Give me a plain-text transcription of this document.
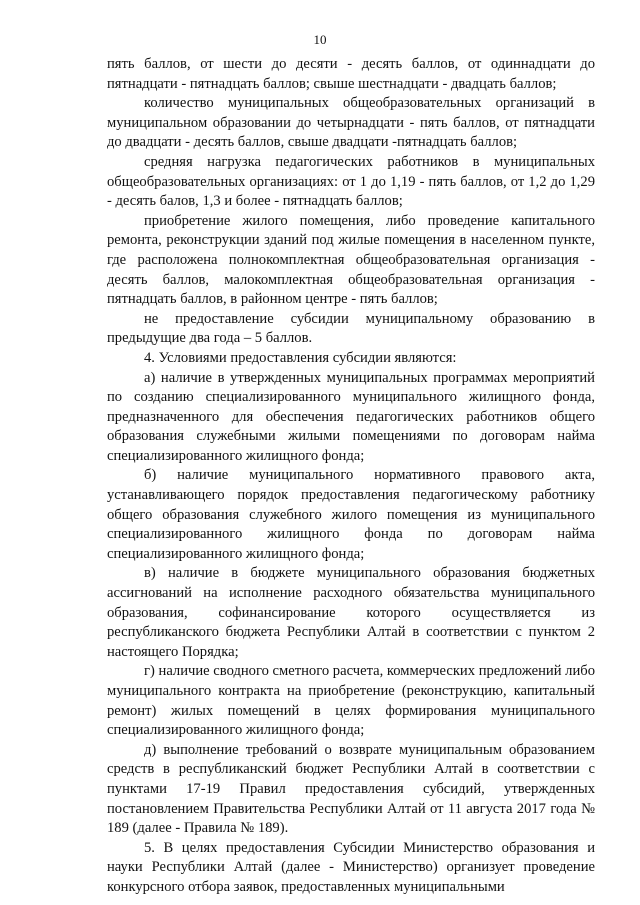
10

пять баллов, от шести до десяти - десять баллов, от одиннадцати до пятнадцати - пятнадцать баллов; свыше шестнадцати - двадцать баллов;

количество муниципальных общеобразовательных организаций в муниципальном образовании до четырнадцати - пять баллов, от пятнадцати до двадцати - десять баллов, свыше двадцати -пятнадцать баллов;

средняя нагрузка педагогических работников в муниципальных общеобразовательных организациях: от 1 до 1,19 - пять баллов, от 1,2 до 1,29 - десять балов, 1,3 и более - пятнадцать баллов;

приобретение жилого помещения, либо проведение капитального ремонта, реконструкции зданий под жилые помещения в населенном пункте, где расположена полнокомплектная общеобразовательная организация - десять баллов, малокомплектная общеобразовательная организация - пятнадцать баллов, в районном центре - пять баллов;

не предоставление субсидии муниципальному образованию в предыдущие два года – 5 баллов.

4. Условиями предоставления субсидии являются:

а) наличие в утвержденных муниципальных программах мероприятий по созданию специализированного муниципального жилищного фонда, предназначенного для обеспечения педагогических работников общего образования служебными жилыми помещениями по договорам найма специализированного жилищного фонда;

б) наличие муниципального нормативного правового акта, устанавливающего порядок предоставления педагогическому работнику общего образования служебного жилого помещения из муниципального специализированного жилищного фонда по договорам найма специализированного жилищного фонда;

в) наличие в бюджете муниципального образования бюджетных ассигнований на исполнение расходного обязательства муниципального образования, софинансирование которого осуществляется из республиканского бюджета Республики Алтай в соответствии с пунктом 2 настоящего Порядка;

г) наличие сводного сметного расчета, коммерческих предложений либо муниципального контракта на приобретение (реконструкцию, капитальный ремонт) жилых помещений в целях формирования муниципального специализированного жилищного фонда;

д) выполнение требований о возврате муниципальным образованием средств в республиканский бюджет Республики Алтай в соответствии с пунктами 17-19 Правил предоставления субсидий, утвержденных постановлением Правительства Республики Алтай от 11 августа 2017 года № 189 (далее - Правила № 189).

5. В целях предоставления Субсидии Министерство образования и науки Республики Алтай (далее - Министерство) организует проведение конкурсного отбора заявок, предоставленных муниципальными
